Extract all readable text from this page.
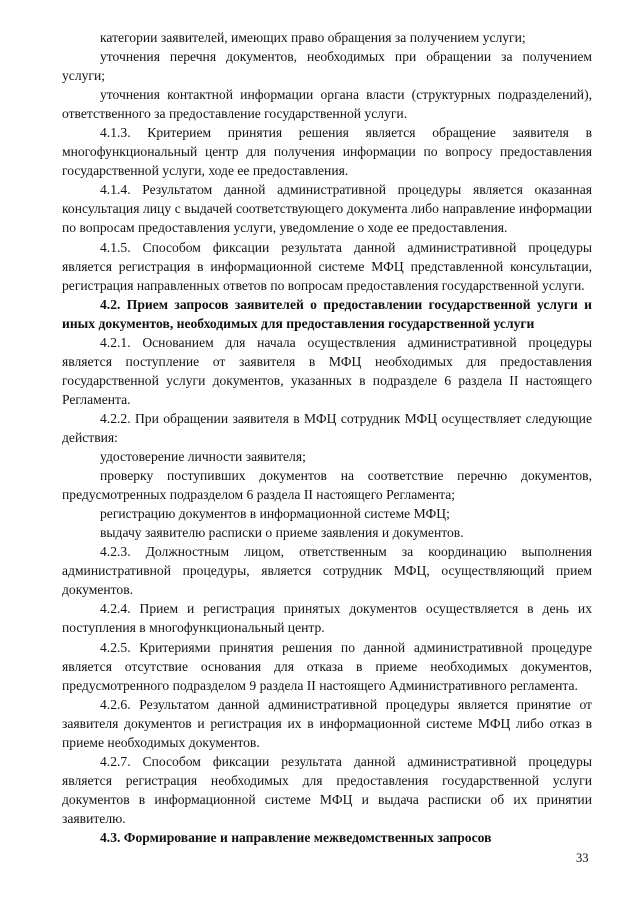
категории заявителей, имеющих право обращения за получением услуги;

уточнения перечня документов, необходимых при обращении за получением услуги;

уточнения контактной информации органа власти (структурных подразделений), ответственного за предоставление государственной услуги.

4.1.3. Критерием принятия решения является обращение заявителя в многофункциональный центр для получения информации по вопросу предоставления государственной услуги, ходе ее предоставления.

4.1.4. Результатом данной административной процедуры является оказанная консультация лицу с выдачей соответствующего документа либо направление информации по вопросам предоставления услуги, уведомление о ходе ее предоставления.

4.1.5. Способом фиксации результата данной административной процедуры является регистрация в информационной системе МФЦ представленной консультации, регистрация направленных ответов по вопросам предоставления государственной услуги.

4.2. Прием запросов заявителей о предоставлении государственной услуги и иных документов, необходимых для предоставления государственной услуги

4.2.1. Основанием для начала осуществления административной процедуры является поступление от заявителя в МФЦ необходимых для предоставления государственной услуги документов, указанных в подразделе 6 раздела II настоящего Регламента.

4.2.2. При обращении заявителя в МФЦ сотрудник МФЦ осуществляет следующие действия:

удостоверение личности заявителя;

проверку поступивших документов на соответствие перечню документов, предусмотренных подразделом 6 раздела II настоящего Регламента;

регистрацию документов в информационной системе МФЦ;

выдачу заявителю расписки о приеме заявления и документов.

4.2.3. Должностным лицом, ответственным за координацию выполнения административной процедуры, является сотрудник МФЦ, осуществляющий прием документов.

4.2.4. Прием и регистрация принятых документов осуществляется в день их поступления в многофункциональный центр.

4.2.5. Критериями принятия решения по данной административной процедуре является отсутствие основания для отказа в приеме необходимых документов, предусмотренного подразделом 9 раздела II настоящего Административного регламента.

4.2.6. Результатом данной административной процедуры является принятие от заявителя документов и регистрация их в информационной системе МФЦ либо отказ в приеме необходимых документов.

4.2.7. Способом фиксации результата данной административной процедуры является регистрация необходимых для предоставления государственной услуги документов в информационной системе МФЦ и выдача расписки об их принятии заявителю.

4.3. Формирование и направление межведомственных запросов

33
